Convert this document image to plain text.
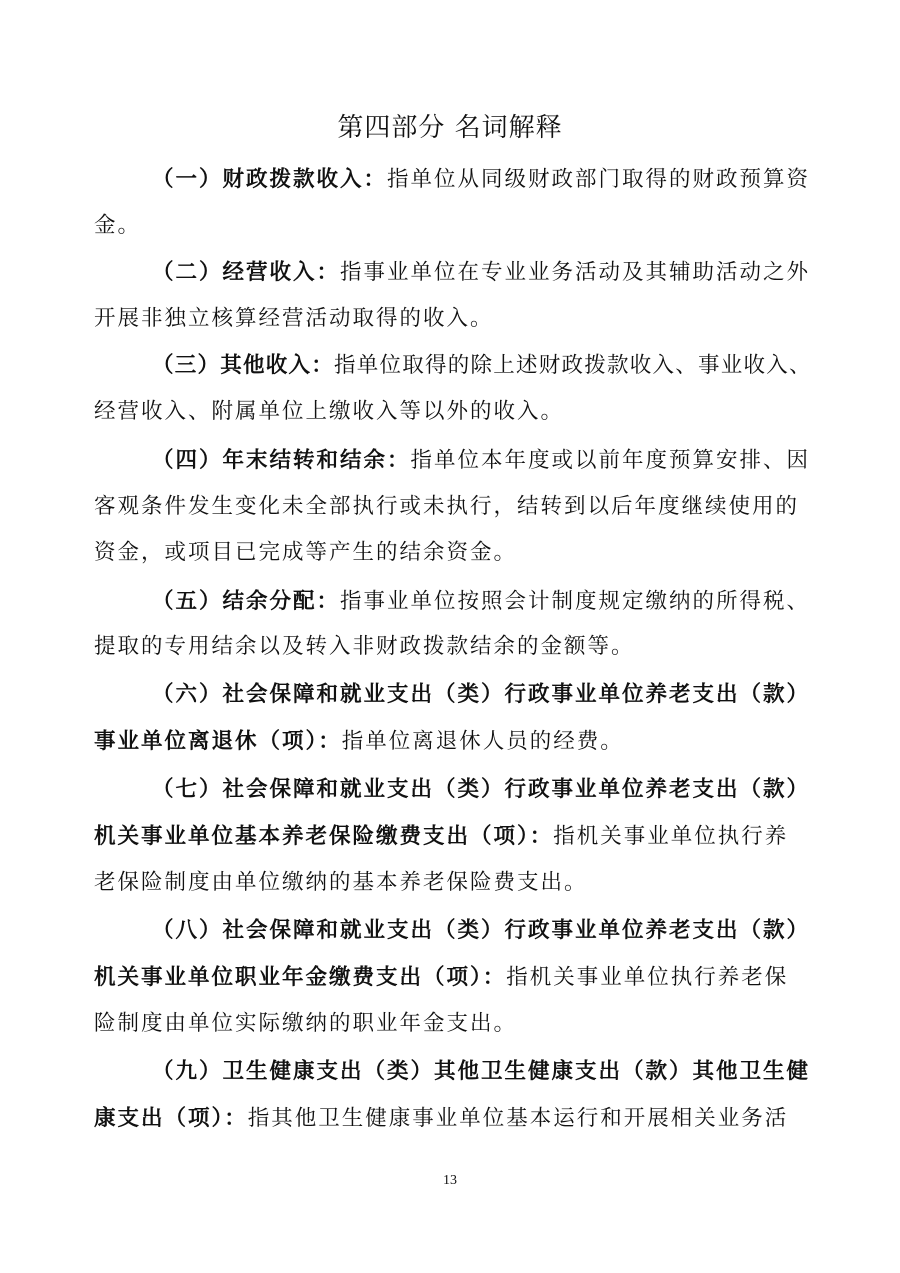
第四部分 名词解释
（一）财政拨款收入：指单位从同级财政部门取得的财政预算资
金。
（二）经营收入：指事业单位在专业业务活动及其辅助活动之外
开展非独立核算经营活动取得的收入。
（三）其他收入：指单位取得的除上述财政拨款收入、事业收入、
经营收入、附属单位上缴收入等以外的收入。
（四）年末结转和结余：指单位本年度或以前年度预算安排、因
客观条件发生变化未全部执行或未执行，结转到以后年度继续使用的
资金，或项目已完成等产生的结余资金。
（五）结余分配：指事业单位按照会计制度规定缴纳的所得税、
提取的专用结余以及转入非财政拨款结余的金额等。
（六）社会保障和就业支出（类）行政事业单位养老支出（款）
事业单位离退休（项）：指单位离退休人员的经费。
（七）社会保障和就业支出（类）行政事业单位养老支出（款）
机关事业单位基本养老保险缴费支出（项）：指机关事业单位执行养
老保险制度由单位缴纳的基本养老保险费支出。
（八）社会保障和就业支出（类）行政事业单位养老支出（款）
机关事业单位职业年金缴费支出（项）：指机关事业单位执行养老保
险制度由单位实际缴纳的职业年金支出。
（九）卫生健康支出（类）其他卫生健康支出（款）其他卫生健
康支出（项）：指其他卫生健康事业单位基本运行和开展相关业务活
13
